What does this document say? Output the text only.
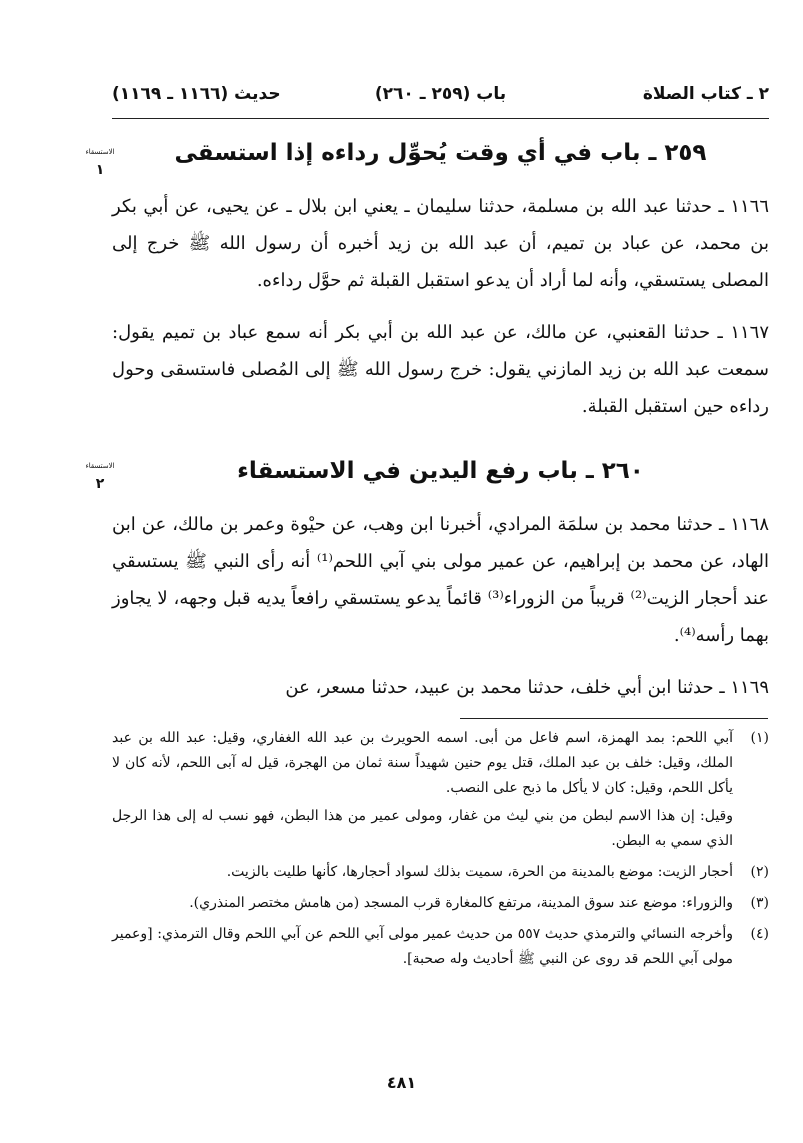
٢ ـ كتاب الصلاة
(٢٥٩ ـ ٢٦٠) باب
(١١٦٦ ـ ١١٦٩) حديث
الاستسقاء
١
٢٥٩ ـ باب في أي وقت يُحوِّل رداءه إذا استسقى

١١٦٦ ـ حدثنا عبد الله بن مسلمة، حدثنا سليمان ـ يعني ابن بلال ـ عن يحيى، عن أبي بكر بن محمد، عن عباد بن تميم، أن عبد الله بن زيد أخبره أن رسول الله ﷺ خرج إلى المصلى يستسقي، وأنه لما أراد أن يدعو استقبل القبلة ثم حوَّل رداءه.

١١٦٧ ـ حدثنا القعنبي، عن مالك، عن عبد الله بن أبي بكر أنه سمع عباد بن تميم يقول: سمعت عبد الله بن زيد المازني يقول: خرج رسول الله ﷺ إلى المُصلى فاستسقى وحول رداءه حين استقبل القبلة.

الاستسقاء
٢	٢٦٠ ـ باب رفع اليدين في الاستسقاء

١١٦٨ ـ حدثنا محمد بن سلمَة المرادي، أخبرنا ابن وهب، عن حيْوة وعمر بن مالك، عن ابن الهاد، عن محمد بن إبراهيم، عن عمير مولى بني آبي اللحم⁽¹⁾ أنه رأى النبي ﷺ يستسقي عند أحجار الزيت⁽²⁾ قريباً من الزوراء⁽³⁾ قائماً يدعو يستسقي رافعاً يديه قبل وجهه، لا يجاوز بهما رأسه⁽⁴⁾.

١١٦٩ ـ حدثنا ابن أبي خلف، حدثنا محمد بن عبيد، حدثنا مسعر، عن

(١)
آبي اللحم: بمد الهمزة، اسم فاعل من أبى. اسمه الحويرث بن عبد الله الغفاري، وقيل: عبد الله بن عبد الملك، وقيل: خلف بن عبد الملك، قتل يوم حنين شهيداً سنة ثمان من الهجرة، قيل له آبى اللحم، لأنه كان لا يأكل اللحم، وقيل: كان لا يأكل ما ذبح على النصب.
وقيل: إن هذا الاسم لبطن من بني ليث من غفار، ومولى عمير من هذا البطن، فهو نسب له إلى هذا الرجل الذي سمي به البطن.
(٢)
أحجار الزيت: موضع بالمدينة من الحرة، سميت بذلك لسواد أحجارها، كأنها طليت بالزيت.
(٣)
والزوراء: موضع عند سوق المدينة، مرتفع كالمغارة قرب المسجد (من هامش مختصر المنذري).
(٤)
وأخرجه النسائي والترمذي حديث ٥٥٧ من حديث عمير مولى آبي اللحم عن آبي اللحم وقال الترمذي: [وعمير مولى آبي اللحم قد روى عن النبي ﷺ أحاديث وله صحبة].
٤٨١
